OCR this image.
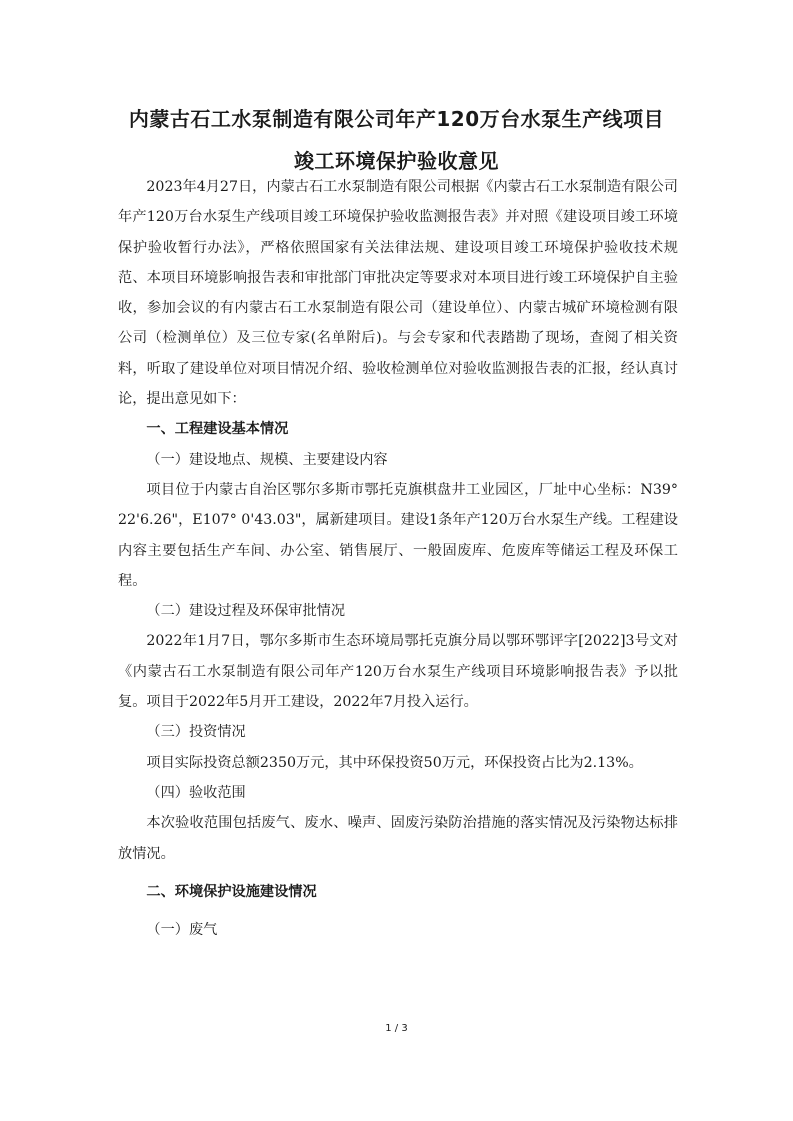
内蒙古石工水泵制造有限公司年产120万台水泵生产线项目
竣工环境保护验收意见

2023年4月27日，内蒙古石工水泵制造有限公司根据《内蒙古石工水泵制造有限公司年产120万台水泵生产线项目竣工环境保护验收监测报告表》并对照《建设项目竣工环境保护验收暂行办法》，严格依照国家有关法律法规、建设项目竣工环境保护验收技术规范、本项目环境影响报告表和审批部门审批决定等要求对本项目进行竣工环境保护自主验收，参加会议的有内蒙古石工水泵制造有限公司（建设单位）、内蒙古城矿环境检测有限公司（检测单位）及三位专家(名单附后)。与会专家和代表踏勘了现场，查阅了相关资料，听取了建设单位对项目情况介绍、验收检测单位对验收监测报告表的汇报，经认真讨论，提出意见如下：

一、工程建设基本情况

（一）建设地点、规模、主要建设内容

项目位于内蒙古自治区鄂尔多斯市鄂托克旗棋盘井工业园区，厂址中心坐标：N39° 22'6.26"，E107° 0'43.03"，属新建项目。建设1条年产120万台水泵生产线。工程建设内容主要包括生产车间、办公室、销售展厅、一般固废库、危废库等储运工程及环保工程。

（二）建设过程及环保审批情况

2022年1月7日，鄂尔多斯市生态环境局鄂托克旗分局以鄂环鄂评字[2022]3号文对《内蒙古石工水泵制造有限公司年产120万台水泵生产线项目环境影响报告表》予以批复。项目于2022年5月开工建设，2022年7月投入运行。

（三）投资情况

项目实际投资总额2350万元，其中环保投资50万元，环保投资占比为2.13%。

（四）验收范围

本次验收范围包括废气、废水、噪声、固废污染防治措施的落实情况及污染物达标排放情况。

二、环境保护设施建设情况

（一）废气

1 / 3
